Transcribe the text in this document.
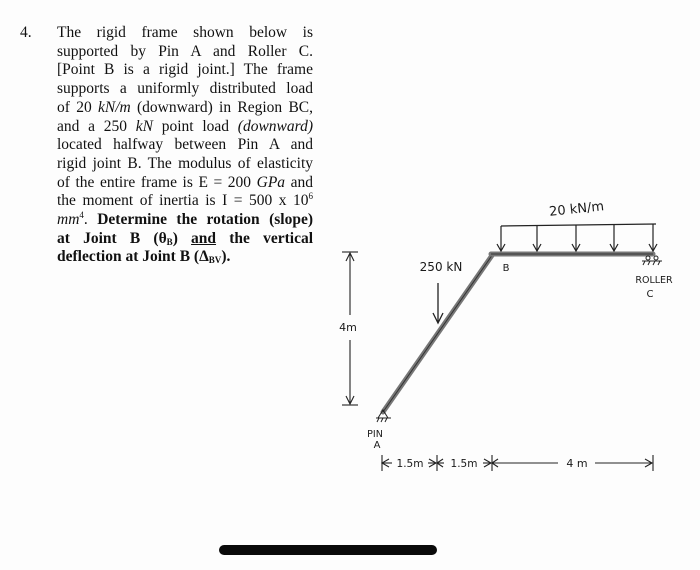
4. The rigid frame shown below is
supported by Pin A and Roller C.
[Point B is a rigid joint.] The frame
supports a uniformly distributed load
of 20 kN/m (downward) in Region BC,
and a 250 kN point load (downward)
located halfway between Pin A and
rigid joint B. The modulus of elasticity
of the entire frame is E = 200 GPa and
the moment of inertia is I = 500 x $10^6$
$mm^4$. Determine the rotation (slope)
at Joint B $(\theta_B)$ and the vertical
deflection at Joint B $(\Delta_{BV})$.
250 kN
20 kN/m
B
ROLLER
C
PIN
A
4m
1.5m	1.5m	4 m
